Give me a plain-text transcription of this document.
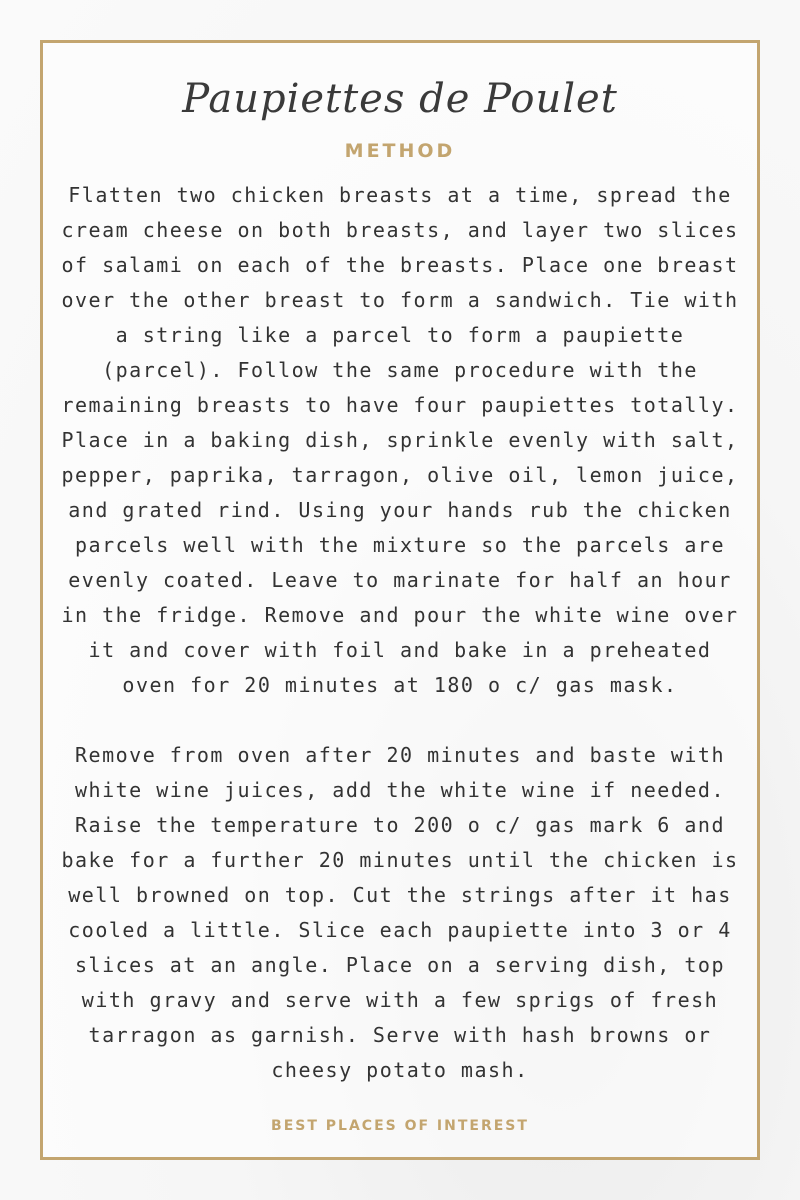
Paupiettes de Poulet
METHOD

Flatten two chicken breasts at a time, spread the cream cheese on both breasts, and layer two slices of salami on each of the breasts. Place one breast over the other breast to form a sandwich. Tie with a string like a parcel to form a paupiette (parcel). Follow the same procedure with the remaining breasts to have four paupiettes totally. Place in a baking dish, sprinkle evenly with salt, pepper, paprika, tarragon, olive oil, lemon juice, and grated rind. Using your hands rub the chicken parcels well with the mixture so the parcels are evenly coated. Leave to marinate for half an hour in the fridge. Remove and pour the white wine over it and cover with foil and bake in a preheated oven for 20 minutes at 180 o c/ gas mask.

Remove from oven after 20 minutes and baste with white wine juices, add the white wine if needed. Raise the temperature to 200 o c/ gas mark 6 and bake for a further 20 minutes until the chicken is well browned on top. Cut the strings after it has cooled a little. Slice each paupiette into 3 or 4 slices at an angle. Place on a serving dish, top with gravy and serve with a few sprigs of fresh tarragon as garnish. Serve with hash browns or cheesy potato mash.

BEST PLACES OF INTEREST
